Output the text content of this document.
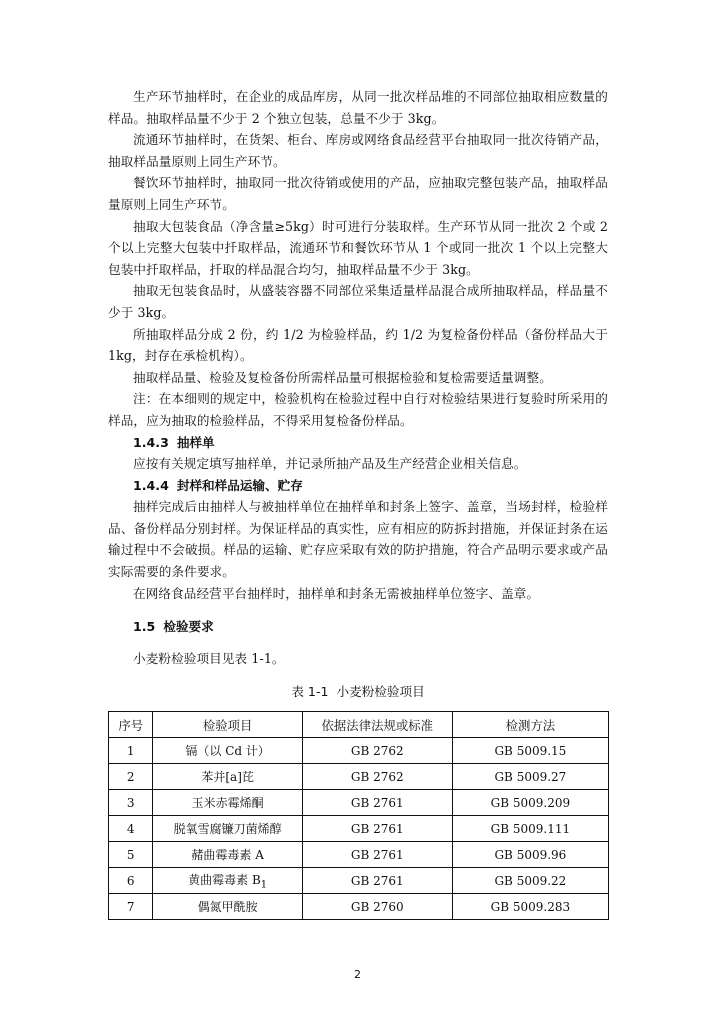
生产环节抽样时，在企业的成品库房，从同一批次样品堆的不同部位抽取相应数量的样品。抽取样品量不少于 2 个独立包装，总量不少于 3kg。

流通环节抽样时，在货架、柜台、库房或网络食品经营平台抽取同一批次待销产品，抽取样品量原则上同生产环节。

餐饮环节抽样时，抽取同一批次待销或使用的产品，应抽取完整包装产品，抽取样品量原则上同生产环节。

抽取大包装食品（净含量≥5kg）时可进行分装取样。生产环节从同一批次 2 个或 2 个以上完整大包装中扦取样品，流通环节和餐饮环节从 1 个或同一批次 1 个以上完整大包装中扦取样品，扦取的样品混合均匀，抽取样品量不少于 3kg。

抽取无包装食品时，从盛装容器不同部位采集适量样品混合成所抽取样品，样品量不少于 3kg。

所抽取样品分成 2 份，约 1/2 为检验样品，约 1/2 为复检备份样品（备份样品大于 1kg，封存在承检机构）。

抽取样品量、检验及复检备份所需样品量可根据检验和复检需要适量调整。

注：在本细则的规定中，检验机构在检验过程中自行对检验结果进行复验时所采用的样品，应为抽取的检验样品，不得采用复检备份样品。

1.4.3 抽样单

应按有关规定填写抽样单，并记录所抽产品及生产经营企业相关信息。

1.4.4 封样和样品运输、贮存

抽样完成后由抽样人与被抽样单位在抽样单和封条上签字、盖章，当场封样，检验样品、备份样品分别封样。为保证样品的真实性，应有相应的防拆封措施，并保证封条在运输过程中不会破损。样品的运输、贮存应采取有效的防护措施，符合产品明示要求或产品实际需要的条件要求。

在网络食品经营平台抽样时，抽样单和封条无需被抽样单位签字、盖章。

1.5 检验要求

小麦粉检验项目见表 1-1。

表 1-1 小麦粉检验项目
序号	检验项目	依据法律法规或标准	检测方法
1	镉（以 Cd 计）	GB 2762	GB 5009.15
2	苯并[a]芘	GB 2762	GB 5009.27
3	玉米赤霉烯酮	GB 2761	GB 5009.209
4	脱氧雪腐镰刀菌烯醇	GB 2761	GB 5009.111
5	赭曲霉毒素 A	GB 2761	GB 5009.96
6	黄曲霉毒素 $B_1$	GB 2761	GB 5009.22
7	偶氮甲酰胺	GB 2760	GB 5009.283
2
